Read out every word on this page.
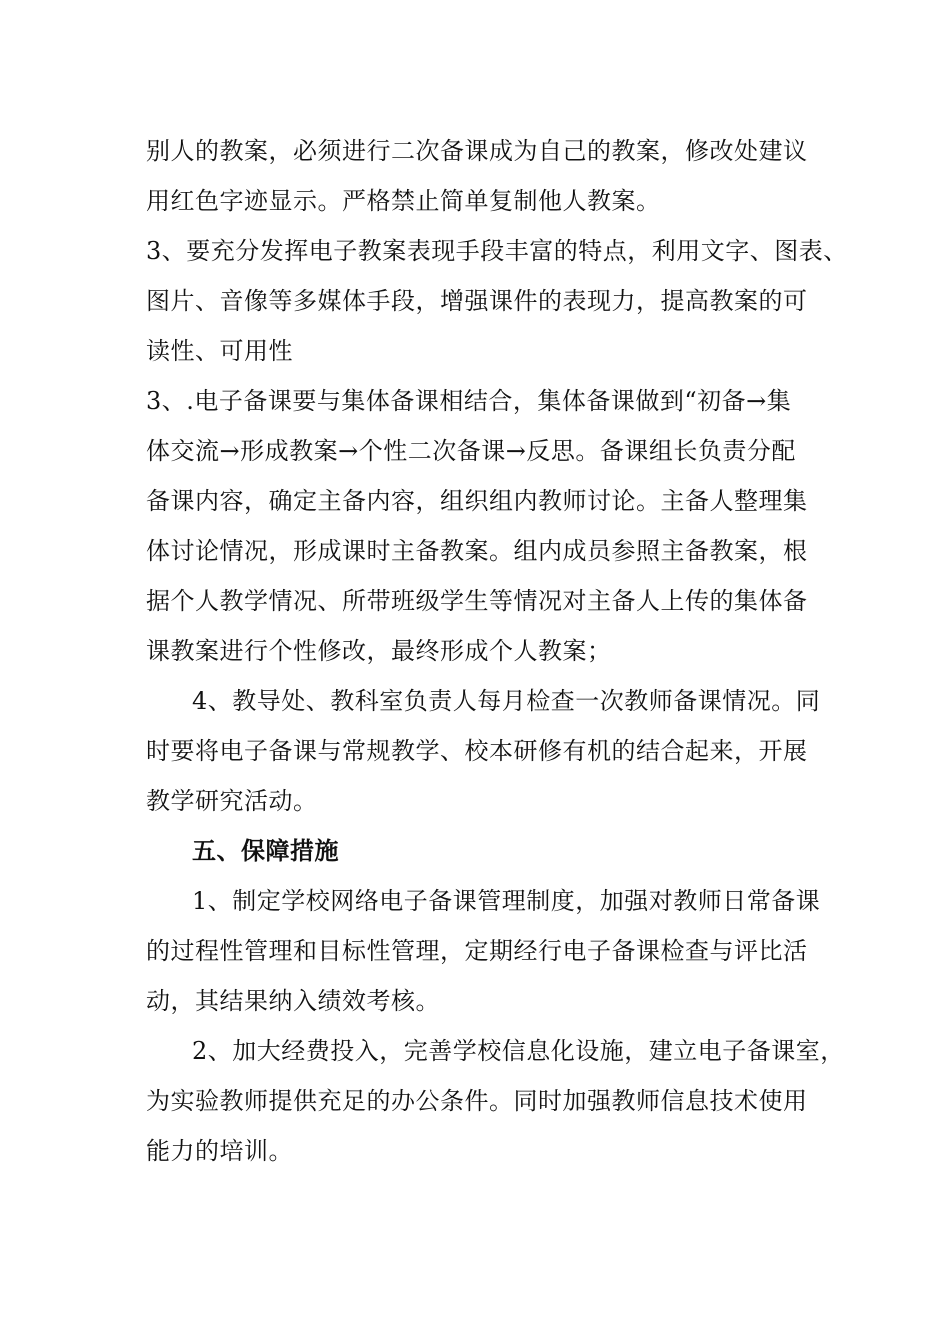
别人的教案，必须进行二次备课成为自己的教案，修改处建议
用红色字迹显示。严格禁止简单复制他人教案。
3、要充分发挥电子教案表现手段丰富的特点，利用文字、图表、
图片、音像等多媒体手段，增强课件的表现力，提高教案的可
读性、可用性
3、.电子备课要与集体备课相结合，集体备课做到“初备→集
体交流→形成教案→个性二次备课→反思。备课组长负责分配
备课内容，确定主备内容，组织组内教师讨论。主备人整理集
体讨论情况，形成课时主备教案。组内成员参照主备教案，根
据个人教学情况、所带班级学生等情况对主备人上传的集体备
课教案进行个性修改，最终形成个人教案；
4、教导处、教科室负责人每月检查一次教师备课情况。同
时要将电子备课与常规教学、校本研修有机的结合起来，开展
教学研究活动。
五、保障措施
1、制定学校网络电子备课管理制度，加强对教师日常备课
的过程性管理和目标性管理，定期经行电子备课检查与评比活
动，其结果纳入绩效考核。
2、加大经费投入，完善学校信息化设施，建立电子备课室，
为实验教师提供充足的办公条件。同时加强教师信息技术使用
能力的培训。
